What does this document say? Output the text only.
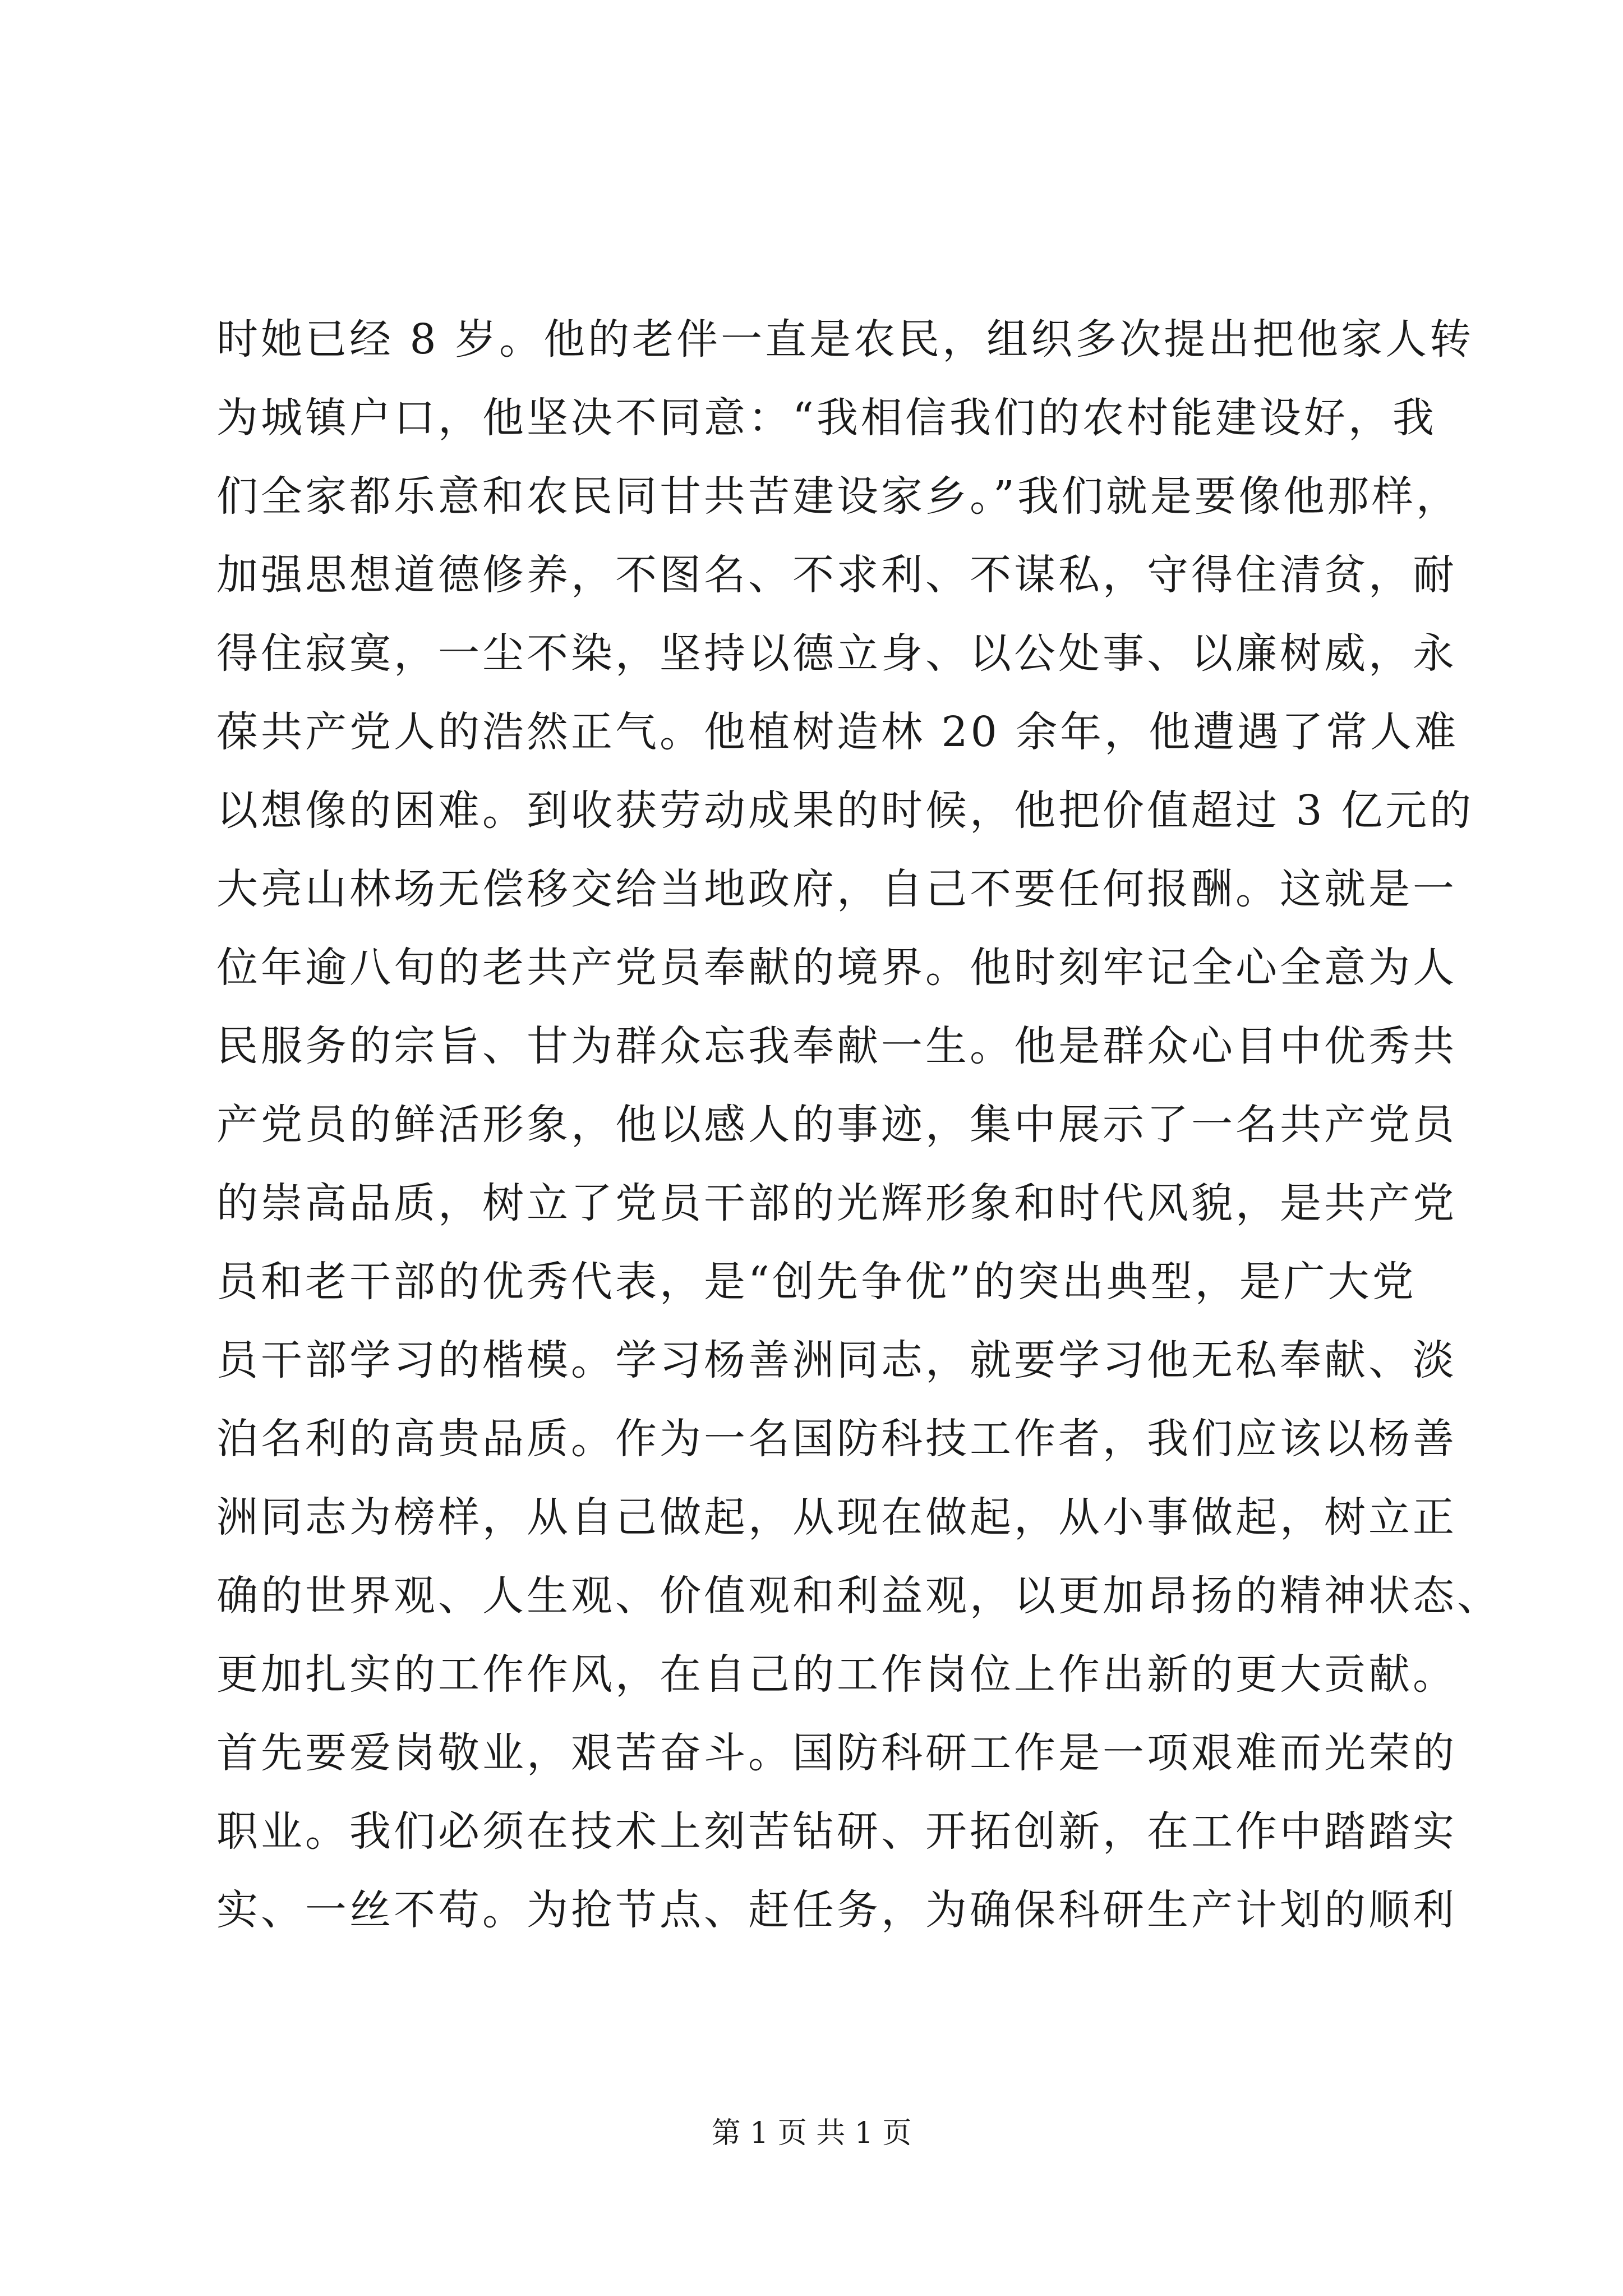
时她已经 8 岁。他的老伴一直是农民，组织多次提出把他家人转
为城镇户口，他坚决不同意：“我相信我们的农村能建设好，我
们全家都乐意和农民同甘共苦建设家乡。”我们就是要像他那样，
加强思想道德修养，不图名、不求利、不谋私，守得住清贫，耐
得住寂寞，一尘不染，坚持以德立身、以公处事、以廉树威，永
葆共产党人的浩然正气。他植树造林 20 余年，他遭遇了常人难
以想像的困难。到收获劳动成果的时候，他把价值超过 3 亿元的
大亮山林场无偿移交给当地政府，自己不要任何报酬。这就是一
位年逾八旬的老共产党员奉献的境界。他时刻牢记全心全意为人
民服务的宗旨、甘为群众忘我奉献一生。他是群众心目中优秀共
产党员的鲜活形象，他以感人的事迹，集中展示了一名共产党员
的崇高品质，树立了党员干部的光辉形象和时代风貌，是共产党
员和老干部的优秀代表，是“创先争优”的突出典型，是广大党
员干部学习的楷模。学习杨善洲同志，就要学习他无私奉献、淡
泊名利的高贵品质。作为一名国防科技工作者，我们应该以杨善
洲同志为榜样，从自己做起，从现在做起，从小事做起，树立正
确的世界观、人生观、价值观和利益观，以更加昂扬的精神状态、
更加扎实的工作作风，在自己的工作岗位上作出新的更大贡献。
首先要爱岗敬业，艰苦奋斗。国防科研工作是一项艰难而光荣的
职业。我们必须在技术上刻苦钻研、开拓创新，在工作中踏踏实
实、一丝不苟。为抢节点、赶任务，为确保科研生产计划的顺利
第 1 页 共 1 页
